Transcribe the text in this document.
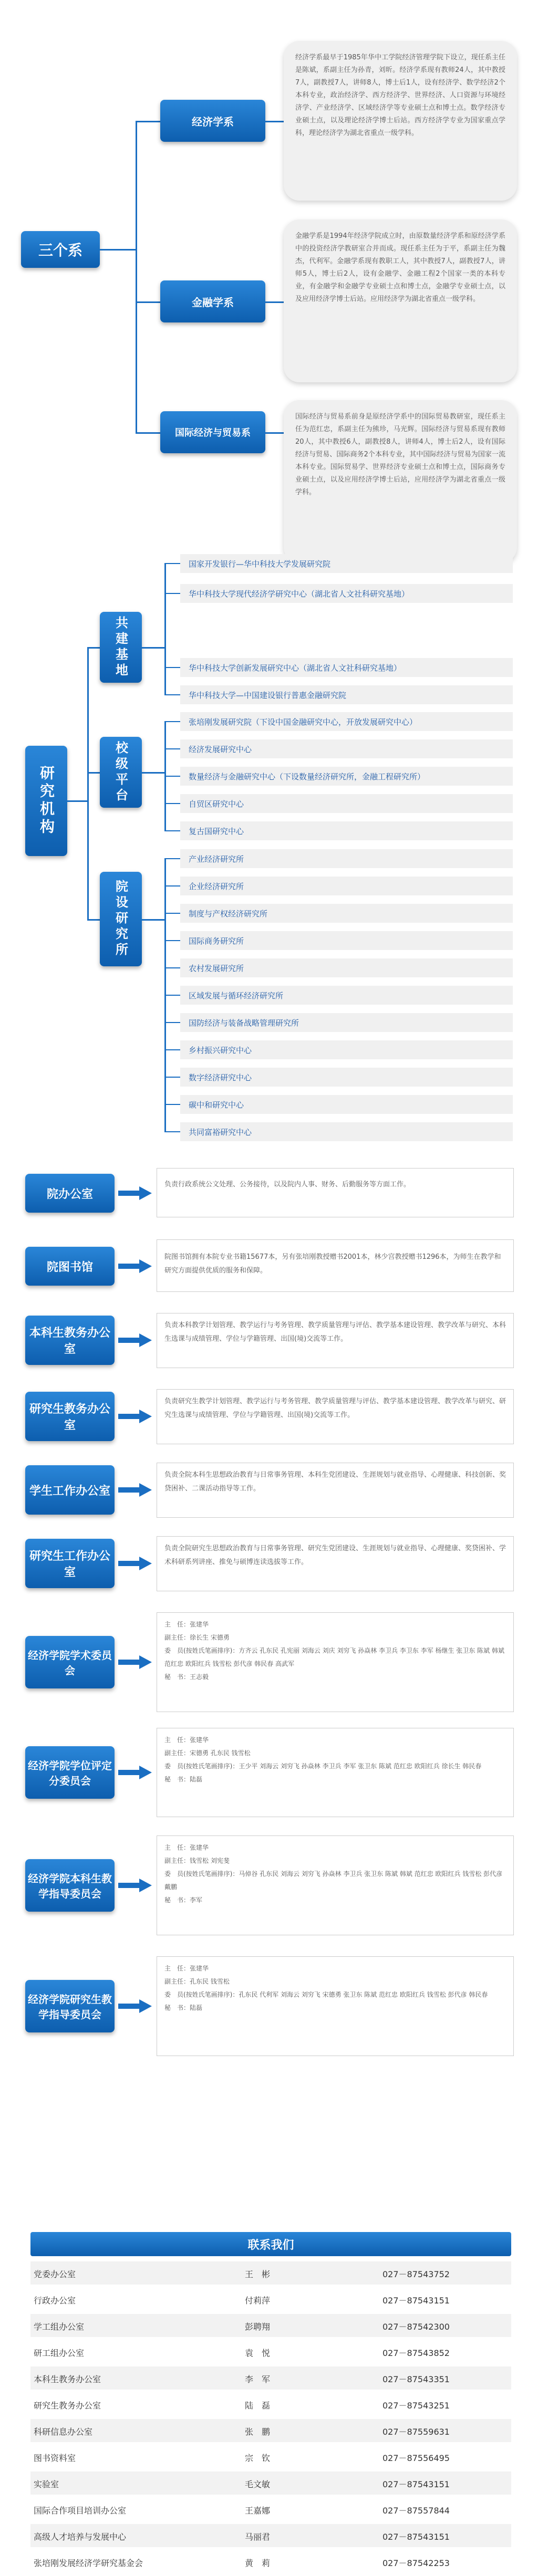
三个系
经济学系
经济学系最早于1985年华中工学院经济管理学院下设立，现任系主任是陈斌，系副主任为孙青，刘昕。经济学系现有教师24人，其中教授7人，副教授7人，讲师8人，博士后1人，设有经济学、数学经济2个本科专业，政治经济学、西方经济学、世界经济、人口资源与环境经济学、产业经济学、区域经济学等专业硕士点和博士点。数学经济专业硕士点，以及理论经济学博士后站。西方经济学专业为国家重点学科，理论经济学为湖北省重点一级学科。
金融学系
金融学系是1994年经济学院成立时，由原数量经济学系和原经济学系中的投资经济学教研室合并而成。现任系主任为于平，系副主任为魏杰，代利军。金融学系现有教职工人，其中教授7人，副教授7人，讲师5人，博士后2人，设有金融学、金融工程2个国家一类的本科专业，有金融学和金融学专业硕士点和博士点，金融学专业硕士点，以及应用经济学博士后站。应用经济学为湖北省重点一级学科。
国际经济与贸易系
国际经济与贸易系前身是原经济学系中的国际贸易教研室，现任系主任为范红忠，系副主任为熊珍，马光辉。国际经济与贸易系现有教师20人，其中教授6人，副教授8人，讲师4人，博士后2人，设有国际经济与贸易、国际商务2个本科专业，其中国际经济与贸易为国家一流本科专业。国际贸易学、世界经济专业硕士点和博士点，国际商务专业硕士点，以及应用经济学博士后站，应用经济学为湖北省重点一级学科。
研究机构
共建基地
国家开发银行—华中科技大学发展研究院
华中科技大学现代经济学研究中心（湖北省人文社科研究基地）
华中科技大学创新发展研究中心（湖北省人文社科研究基地）
华中科技大学—中国建设银行普惠金融研究院
校级平台
张培刚发展研究院（下设中国金融研究中心，开放发展研究中心）
经济发展研究中心
数量经济与金融研究中心（下设数量经济研究所，金融工程研究所）
自贸区研究中心
复古国研究中心
院设研究所
产业经济研究所
企业经济研究所
制度与产权经济研究所
国际商务研究所
农村发展研究所
区域发展与循环经济研究所
国防经济与装备战略管理研究所
乡村振兴研究中心
数字经济研究中心
碳中和研究中心
共同富裕研究中心
院办公室
负责行政系统公文处理、公务接待，以及院内人事、财务、后勤服务等方面工作。
院图书馆
院图书馆拥有本院专业书籍15677本，另有张培刚教授赠书2001本，林少宫教授赠书1296本，为师生在教学和研究方面提供优质的服务和保障。
本科生教务办公室
负责本科教学计划管理、教学运行与考务管理、教学质量管理与评估、教学基本建设管理、教学改革与研究、本科生选课与成绩管理、学位与学籍管理、出国(境)交流等工作。
研究生教务办公室
负责研究生教学计划管理、教学运行与考务管理、教学质量管理与评估、教学基本建设管理、教学改革与研究、研究生选课与成绩管理、学位与学籍管理、出国(境)交流等工作。
学生工作办公室
负责全院本科生思想政治教育与日常事务管理、本科生党团建设、生涯规划与就业指导、心理健康、科技创新、奖贷困补、二课活动指导等工作。
研究生工作办公室
负责全院研究生思想政治教育与日常事务管理、研究生党团建设、生涯规划与就业指导、心理健康、奖贷困补、学术科研系列讲座、推免与硕博连读选拔等工作。
经济学院学术委员会
主　任：张建华
副主任：徐长生 宋德勇
委　员(按姓氏笔画排序)：方齐云 孔东民 孔宪丽 刘海云 刘庆 刘穷飞 孙焱林 李卫兵 李卫东 李军 杨继生 张卫东 陈斌 韩斌 范红忠 欧阳红兵 钱雪松 彭代彦 韩民春 高武军
秘　书：王志毅
经济学院学位评定分委员会
主　任：张建华
副主任：宋德勇 孔东民 钱雪松
委　员(按姓氏笔画排序)：王少平 刘海云 刘穷飞 孙焱林 李卫兵 李军 张卫东 陈斌 范红忠 欧阳红兵 徐长生 韩民春
秘　书：陆磊
经济学院本科生教学指导委员会
主　任：张建华
副主任：钱雪松 刘宪斐
委　员(按姓氏笔画排序)：马倬谷 孔东民 刘海云 刘穷飞 孙焱林 李卫兵 张卫东 陈斌 韩斌 范红忠 欧阳红兵 钱雪松 彭代彦 戴鹏
秘　书：李军
经济学院研究生教学指导委员会
主　任：张建华
副主任：孔东民 钱雪松
委　员(按姓氏笔画排序)：孔东民 代利军 刘海云 刘穷飞 宋德勇 张卫东 陈斌 范红忠 欧阳红兵 钱雪松 彭代彦 韩民春
秘　书：陆磊
联系我们
党委办公室	王　彬	027－87543752
行政办公室	付莉萍	027－87543151
学工组办公室	彭聘翔	027－87542300
研工组办公室	袁　悦	027－87543852
本科生教务办公室	李　军	027－87543351
研究生教务办公室	陆　磊	027－87543251
科研信息办公室	张　鹏	027－87559631
图书资料室	宗　钦	027－87556495
实验室	毛文敏	027－87543151
国际合作项目培训办公室	王嘉娜	027－87557844
高级人才培养与发展中心	马丽君	027－87543151
张培刚发展经济学研究基金会	黄　莉	027－87542253
